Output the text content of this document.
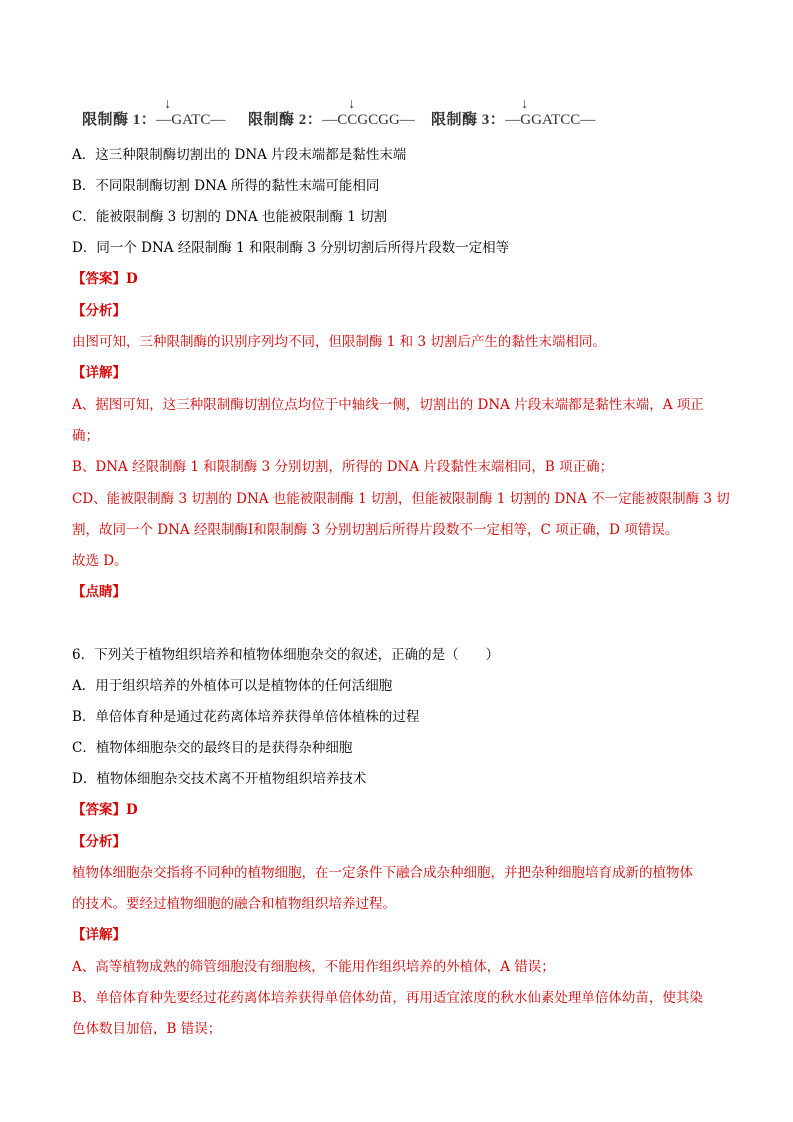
限制酶 1：—
↓
GATC— 限制酶 2：—CC
↓
GCGG— 限制酶 3：—G
↓
GATCC—
A．这三种限制酶切割出的 DNA 片段末端都是黏性末端
B．不同限制酶切割 DNA 所得的黏性末端可能相同
C．能被限制酶 3 切割的 DNA 也能被限制酶 1 切割
D．同一个 DNA 经限制酶 1 和限制酶 3 分别切割后所得片段数一定相等
【答案】D
【分析】
由图可知，三种限制酶的识别序列均不同，但限制酶 1 和 3 切割后产生的黏性末端相同。
【详解】
A、据图可知，这三种限制酶切割位点均位于中轴线一侧，切割出的 DNA 片段末端都是黏性末端，A 项正
确；
B、DNA 经限制酶 1 和限制酶 3 分别切割，所得的 DNA 片段黏性末端相同，B 项正确；
CD、能被限制酶 3 切割的 DNA 也能被限制酶 1 切割，但能被限制酶 1 切割的 DNA 不一定能被限制酶 3 切
割，故同一个 DNA 经限制酶Ⅰ和限制酶 3 分别切割后所得片段数不一定相等，C 项正确，D 项错误。
故选 D。
【点睛】
6．下列关于植物组织培养和植物体细胞杂交的叙述，正确的是（　　）
A．用于组织培养的外植体可以是植物体的任何活细胞
B．单倍体育种是通过花药离体培养获得单倍体植株的过程
C．植物体细胞杂交的最终目的是获得杂种细胞
D．植物体细胞杂交技术离不开植物组织培养技术
【答案】D
【分析】
植物体细胞杂交指将不同种的植物细胞，在一定条件下融合成杂种细胞，并把杂种细胞培育成新的植物体
的技术。要经过植物细胞的融合和植物组织培养过程。
【详解】
A、高等植物成熟的筛管细胞没有细胞核，不能用作组织培养的外植体，A 错误；
B、单倍体育种先要经过花药离体培养获得单倍体幼苗，再用适宜浓度的秋水仙素处理单倍体幼苗，使其染
色体数目加倍，B 错误；
